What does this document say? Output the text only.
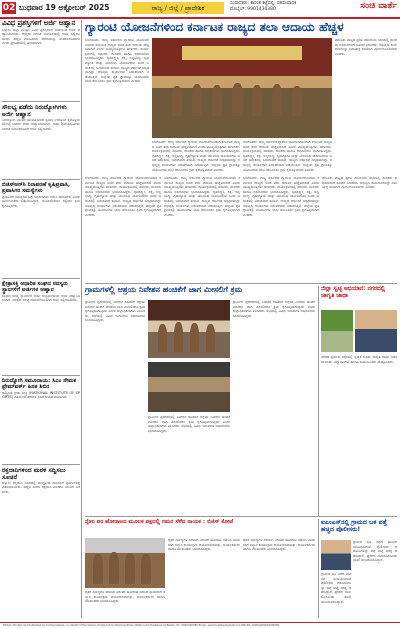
02 ಬುಧವಾರ 19 ಅಕ್ಟೋಬರ್ 2025	ರಾಜ್ಯ / ಜಿಲ್ಲೆ / ಪ್ರಾದೇಶಿಕ
ಸಂಪಾದಕರು: ಕಾರಂತ ಕಟ್ಟೆಪಲ್ಲಿ, ಸಹಸಂಪಾದಕ
ಮೊಬೈಲ್: 9901430380	ಸಂಚಿ ವಾರ್ತೆ
ವಿವಿಧ ಪ್ರಶಸ್ತಿಗಳಿಗೆ ಅರ್ಜಿ ಆಹ್ವಾನ
ಬಳ್ಳಾರಿ: ಜಿಲ್ಲಾ ಮಟ್ಟದ ವಿವಿಧ ಪ್ರಶಸ್ತಿಗಳಿಗೆ ಅರ್ಹರಿಂದ ಅರ್ಜಿ ಆಹ್ವಾನಿಸಲಾಗಿದೆ. ಆಸಕ್ತರು ನಿಗದಿತ ನಮೂನೆಯಲ್ಲಿ ಅರ್ಜಿ ಸಲ್ಲಿಸಬಹುದು. ಹೆಚ್ಚಿನ ಮಾಹಿತಿಗಾಗಿ ಕಚೇರಿಯನ್ನು ಸಂಪರ್ಕಿಸಬಹುದು ಎಂದು ಪ್ರಕಟಣೆಯಲ್ಲಿ ತಿಳಿಸಲಾಗಿದೆ.
ಸೌಲಭ್ಯ ಪಡೆದು ನಿರುದ್ಯೋಗಿಗಳು ಅರ್ಜಿ ಆಹ್ವಾನ
ನಿರುದ್ಯೋಗಿ ಯುವಕ ಯುವತಿಯರಿಗೆ ಸ್ವಯಂ ಉದ್ಯೋಗ ಕೈಗೊಳ್ಳಲು ಸೌಲಭ್ಯ ನೀಡಲು ಅರ್ಜಿ ಆಹ್ವಾನಿಸಲಾಗಿದೆ. ಅರ್ಹ ಫಲಾನುಭವಿಗಳು ನಿಗದಿತ ದಿನಾಂಕದೊಳಗೆ ಅರ್ಜಿ ಸಲ್ಲಿಸಬೇಕು.
ಬಿಜಿಸ್ಆರ್‌ಸಿ ನಿರಾಪರಣೆ ಕೃಷಿಪ್ರವಾಸಿ, ಪ್ರವಾಸಿಗರ ಸಮಸ್ಯೆಗಳು
ಪ್ರವಾಸಿಗರ ಸಮಸ್ಯೆಗಳ ಬಗ್ಗೆ ಅಧಿಕಾರಿಗಳು ಗಮನ ಹರಿಸಬೇಕು ಎಂದು ಸಾರ್ವಜನಿಕರು ಒತ್ತಾಯಿಸಿದ್ದಾರೆ. ಮೂಲಸೌಕರ್ಯ ಕಲ್ಪಿಸಲು ಕ್ರಮ ಕೈಗೊಳ್ಳಬೇಕು.
ಕ್ಷೇತ್ರಾಸಕ್ತಿ ಆಧಾರಿತ ಸಂಘದ ಸದಸ್ಯರು ಸ್ಥಾನಗಳಿಗೆ ಅರ್ಜಿಗಳ ಆಹ್ವಾನ
ಸಂಘದ ಸದಸ್ಯ ಸ್ಥಾನಗಳಿಗೆ ಅರ್ಹ ಅಭ್ಯರ್ಥಿಗಳಿಂದ ಅರ್ಜಿ ಆಹ್ವಾನಿಸಲಾಗಿದೆ. ಆಸಕ್ತರು ಅಗತ್ಯ ದಾಖಲೆಗಳೊಂದಿಗೆ ಅರ್ಜಿ ಸಲ್ಲಿಸಬಹುದು.
ನಿರುದ್ಯೋಗಿ ಸಮೂದಾಯ: ಸಿಎಂ ನೇಮಕ ಫ್ರೇಮ್‌ವರ್ಕ್ ಹಿನತ ಶಿಬಿರ
ರಾಷ್ಟ್ರೀಯ ಕ್ರೀಡಾ ಸಂಸ್ಥೆ (NATIONAL INSTITUTE OF SPORTS) ವತಿಯಿಂದ ತರಬೇತಿ ಶಿಬಿರ ಆಯೋಜಿಸಲಾಗಿದೆ.
ರಕ್ತದಾನಿಗಳಿಂದ ಮರಳಿ ಸದ್ದಿಸಲು ಸೂಚನೆ
ಬಳ್ಳಾರಿ: ರಕ್ತದಾನ ಶಿಬಿರದಲ್ಲಿ ಪಾಲ್ಗೊಂಡ ದಾನಿಗಳಿಗೆ ಪ್ರಮಾಣಪತ್ರ ವಿತರಿಸಲಾಯಿತು. ಹೆಚ್ಚಿನ ಜನರು ರಕ್ತದಾನ ಮಾಡಲು ಮುಂದೆ ಬರಬೇಕು.
ಗ್ಯಾರಂಟಿ ಯೋಜನೆಗಳಿಂದ ಕರ್ನಾಟಕ ರಾಜ್ಯದ ತಲಾ ಆದಾಯ ಹೆಚ್ಚಳ
ಬೆಂಗಳೂರು: ರಾಜ್ಯ ಸರ್ಕಾರದ ಗ್ಯಾರಂಟಿ ಯೋಜನೆಗಳಿಂದಾಗಿ ಕರ್ನಾಟಕ ರಾಜ್ಯದ ಜನರ ತಲಾ ಆದಾಯ ಹೆಚ್ಚಳವಾಗಿದೆ ಎಂದು ಮುಖ್ಯಮಂತ್ರಿಗಳು ಹೇಳಿದರು. ಕಾರ್ಯಕ್ರಮದಲ್ಲಿ ಸಚಿವರು, ಶಾಸಕರು ಹಾಗೂ ಅಧಿಕಾರಿಗಳು ಭಾಗವಹಿಸಿದ್ದರು. ಗೃಹಲಕ್ಷ್ಮೀ, ಶಕ್ತಿ, ಅನ್ನಭಾಗ್ಯ, ಗೃಹಜ್ಯೋತಿ ಮತ್ತು ಯುವನಿಧಿ ಯೋಜನೆಗಳು ಜನರ ಬದುಕಿನಲ್ಲಿ ಬದಲಾವಣೆ ತಂದಿವೆ. ರಾಜ್ಯದ ಆರ್ಥಿಕತೆ ಸದೃಢವಾಗಿದ್ದು ಅಭಿವೃದ್ಧಿ ಕಾರ್ಯಗಳು ನಿರಂತರವಾಗಿ ನಡೆಯುತ್ತಿವೆ. ಜಿಲ್ಲೆಯ ಪ್ರತಿ ಗ್ರಾಮಕ್ಕೂ ಯೋಜನೆಗಳ ಲಾಭ ತಲುಪಿಸಲು ಕ್ರಮ ಕೈಗೊಳ್ಳಲಾಗಿದೆ ಎಂದರು.
ತಾಲೂಕು ಮಟ್ಟದ ಪ್ರಗತಿ ಪರಿಶೀಲನಾ ಸಭೆಯಲ್ಲಿ ಶಾಸಕರು ಅಧಿಕಾರಿಗಳಿಗೆ ಸೂಚನೆ ನೀಡಿದರು. ಅಭಿವೃದ್ಧಿ ಕಾಮಗಾರಿಗಳನ್ನು ಸಮಯಕ್ಕೆ ಸರಿಯಾಗಿ ಪೂರ್ಣಗೊಳಿಸಬೇಕು ಎಂದರು.
ಬೆಂಗಳೂರು: ರಾಜ್ಯ ಸರ್ಕಾರದ ಗ್ಯಾರಂಟಿ ಯೋಜನೆಗಳಿಂದಾಗಿ ಕರ್ನಾಟಕ ರಾಜ್ಯದ ಜನರ ತಲಾ ಆದಾಯ ಹೆಚ್ಚಳವಾಗಿದೆ ಎಂದು ಮುಖ್ಯಮಂತ್ರಿಗಳು ಹೇಳಿದರು. ಕಾರ್ಯಕ್ರಮದಲ್ಲಿ ಸಚಿವರು, ಶಾಸಕರು ಹಾಗೂ ಅಧಿಕಾರಿಗಳು ಭಾಗವಹಿಸಿದ್ದರು. ಗೃಹಲಕ್ಷ್ಮೀ, ಶಕ್ತಿ, ಅನ್ನಭಾಗ್ಯ, ಗೃಹಜ್ಯೋತಿ ಮತ್ತು ಯುವನಿಧಿ ಯೋಜನೆಗಳು ಜನರ ಬದುಕಿನಲ್ಲಿ ಬದಲಾವಣೆ ತಂದಿವೆ. ರಾಜ್ಯದ ಆರ್ಥಿಕತೆ ಸದೃಢವಾಗಿದ್ದು ಅಭಿವೃದ್ಧಿ ಕಾರ್ಯಗಳು ನಿರಂತರವಾಗಿ ನಡೆಯುತ್ತಿವೆ. ಜಿಲ್ಲೆಯ ಪ್ರತಿ ಗ್ರಾಮಕ್ಕೂ ಯೋಜನೆಗಳ ಲಾಭ ತಲುಪಿಸಲು ಕ್ರಮ ಕೈಗೊಳ್ಳಲಾಗಿದೆ ಎಂದರು.
ಬೆಂಗಳೂರು: ರಾಜ್ಯ ಸರ್ಕಾರದ ಗ್ಯಾರಂಟಿ ಯೋಜನೆಗಳಿಂದಾಗಿ ಕರ್ನಾಟಕ ರಾಜ್ಯದ ಜನರ ತಲಾ ಆದಾಯ ಹೆಚ್ಚಳವಾಗಿದೆ ಎಂದು ಮುಖ್ಯಮಂತ್ರಿಗಳು ಹೇಳಿದರು. ಕಾರ್ಯಕ್ರಮದಲ್ಲಿ ಸಚಿವರು, ಶಾಸಕರು ಹಾಗೂ ಅಧಿಕಾರಿಗಳು ಭಾಗವಹಿಸಿದ್ದರು. ಗೃಹಲಕ್ಷ್ಮೀ, ಶಕ್ತಿ, ಅನ್ನಭಾಗ್ಯ, ಗೃಹಜ್ಯೋತಿ ಮತ್ತು ಯುವನಿಧಿ ಯೋಜನೆಗಳು ಜನರ ಬದುಕಿನಲ್ಲಿ ಬದಲಾವಣೆ ತಂದಿವೆ. ರಾಜ್ಯದ ಆರ್ಥಿಕತೆ ಸದೃಢವಾಗಿದ್ದು ಅಭಿವೃದ್ಧಿ ಕಾರ್ಯಗಳು ನಿರಂತರವಾಗಿ ನಡೆಯುತ್ತಿವೆ. ಜಿಲ್ಲೆಯ ಪ್ರತಿ ಗ್ರಾಮಕ್ಕೂ ಯೋಜನೆಗಳ ಲಾಭ ತಲುಪಿಸಲು ಕ್ರಮ ಕೈಗೊಳ್ಳಲಾಗಿದೆ ಎಂದರು.
ಬೆಂಗಳೂರು: ರಾಜ್ಯ ಸರ್ಕಾರದ ಗ್ಯಾರಂಟಿ ಯೋಜನೆಗಳಿಂದಾಗಿ ಕರ್ನಾಟಕ ರಾಜ್ಯದ ಜನರ ತಲಾ ಆದಾಯ ಹೆಚ್ಚಳವಾಗಿದೆ ಎಂದು ಮುಖ್ಯಮಂತ್ರಿಗಳು ಹೇಳಿದರು. ಕಾರ್ಯಕ್ರಮದಲ್ಲಿ ಸಚಿವರು, ಶಾಸಕರು ಹಾಗೂ ಅಧಿಕಾರಿಗಳು ಭಾಗವಹಿಸಿದ್ದರು. ಗೃಹಲಕ್ಷ್ಮೀ, ಶಕ್ತಿ, ಅನ್ನಭಾಗ್ಯ, ಗೃಹಜ್ಯೋತಿ ಮತ್ತು ಯುವನಿಧಿ ಯೋಜನೆಗಳು ಜನರ ಬದುಕಿನಲ್ಲಿ ಬದಲಾವಣೆ ತಂದಿವೆ. ರಾಜ್ಯದ ಆರ್ಥಿಕತೆ ಸದೃಢವಾಗಿದ್ದು ಅಭಿವೃದ್ಧಿ ಕಾರ್ಯಗಳು ನಿರಂತರವಾಗಿ ನಡೆಯುತ್ತಿವೆ. ಜಿಲ್ಲೆಯ ಪ್ರತಿ ಗ್ರಾಮಕ್ಕೂ ಯೋಜನೆಗಳ ಲಾಭ ತಲುಪಿಸಲು ಕ್ರಮ ಕೈಗೊಳ್ಳಲಾಗಿದೆ ಎಂದರು.
ಬೆಂಗಳೂರು: ರಾಜ್ಯ ಸರ್ಕಾರದ ಗ್ಯಾರಂಟಿ ಯೋಜನೆಗಳಿಂದಾಗಿ ಕರ್ನಾಟಕ ರಾಜ್ಯದ ಜನರ ತಲಾ ಆದಾಯ ಹೆಚ್ಚಳವಾಗಿದೆ ಎಂದು ಮುಖ್ಯಮಂತ್ರಿಗಳು ಹೇಳಿದರು. ಕಾರ್ಯಕ್ರಮದಲ್ಲಿ ಸಚಿವರು, ಶಾಸಕರು ಹಾಗೂ ಅಧಿಕಾರಿಗಳು ಭಾಗವಹಿಸಿದ್ದರು. ಗೃಹಲಕ್ಷ್ಮೀ, ಶಕ್ತಿ, ಅನ್ನಭಾಗ್ಯ, ಗೃಹಜ್ಯೋತಿ ಮತ್ತು ಯುವನಿಧಿ ಯೋಜನೆಗಳು ಜನರ ಬದುಕಿನಲ್ಲಿ ಬದಲಾವಣೆ ತಂದಿವೆ. ರಾಜ್ಯದ ಆರ್ಥಿಕತೆ ಸದೃಢವಾಗಿದ್ದು ಅಭಿವೃದ್ಧಿ ಕಾರ್ಯಗಳು ನಿರಂತರವಾಗಿ ನಡೆಯುತ್ತಿವೆ. ಜಿಲ್ಲೆಯ ಪ್ರತಿ ಗ್ರಾಮಕ್ಕೂ ಯೋಜನೆಗಳ ಲಾಭ ತಲುಪಿಸಲು ಕ್ರಮ ಕೈಗೊಳ್ಳಲಾಗಿದೆ ಎಂದರು.
ಬೆಂಗಳೂರು: ರಾಜ್ಯ ಸರ್ಕಾರದ ಗ್ಯಾರಂಟಿ ಯೋಜನೆಗಳಿಂದಾಗಿ ಕರ್ನಾಟಕ ರಾಜ್ಯದ ಜನರ ತಲಾ ಆದಾಯ ಹೆಚ್ಚಳವಾಗಿದೆ ಎಂದು ಮುಖ್ಯಮಂತ್ರಿಗಳು ಹೇಳಿದರು. ಕಾರ್ಯಕ್ರಮದಲ್ಲಿ ಸಚಿವರು, ಶಾಸಕರು ಹಾಗೂ ಅಧಿಕಾರಿಗಳು ಭಾಗವಹಿಸಿದ್ದರು. ಗೃಹಲಕ್ಷ್ಮೀ, ಶಕ್ತಿ, ಅನ್ನಭಾಗ್ಯ, ಗೃಹಜ್ಯೋತಿ ಮತ್ತು ಯುವನಿಧಿ ಯೋಜನೆಗಳು ಜನರ ಬದುಕಿನಲ್ಲಿ ಬದಲಾವಣೆ ತಂದಿವೆ. ರಾಜ್ಯದ ಆರ್ಥಿಕತೆ ಸದೃಢವಾಗಿದ್ದು ಅಭಿವೃದ್ಧಿ ಕಾರ್ಯಗಳು ನಿರಂತರವಾಗಿ ನಡೆಯುತ್ತಿವೆ. ಜಿಲ್ಲೆಯ ಪ್ರತಿ ಗ್ರಾಮಕ್ಕೂ ಯೋಜನೆಗಳ ಲಾಭ ತಲುಪಿಸಲು ಕ್ರಮ ಕೈಗೊಳ್ಳಲಾಗಿದೆ ಎಂದರು.
ತಾಲೂಕು ಮಟ್ಟದ ಪ್ರಗತಿ ಪರಿಶೀಲನಾ ಸಭೆಯಲ್ಲಿ ಶಾಸಕರು ಅಧಿಕಾರಿಗಳಿಗೆ ಸೂಚನೆ ನೀಡಿದರು. ಅಭಿವೃದ್ಧಿ ಕಾಮಗಾರಿಗಳನ್ನು ಸಮಯಕ್ಕೆ ಸರಿಯಾಗಿ ಪೂರ್ಣಗೊಳಿಸಬೇಕು ಎಂದರು.
ಗ್ರಾಮಗಳಲ್ಲಿ ಆಶ್ರಯ ನಿವೇಶನ ಹಂಚಿಕೆಗೆ ಜಾಗ ಮೀಸಲಿಗೆ ಕ್ರಮ
ಗ್ರಾಮೀಣ ಪ್ರದೇಶಗಳಲ್ಲಿ ನಿವೇಶನ ರಹಿತರಿಗೆ ಆಶ್ರಯ ನಿವೇಶನ ಹಂಚಿಕೆ ಮಾಡಲು ಜಾಗ ಮೀಸಲಿಡಲು ಕ್ರಮ ಕೈಗೊಳ್ಳಲಾಗುವುದು ಎಂದು ಜಿಲ್ಲಾಧಿಕಾರಿಗಳು ತಿಳಿಸಿದರು. ಸಭೆಯಲ್ಲಿ ವಿವಿಧ ಇಲಾಖೆಗಳ ಅಧಿಕಾರಿಗಳು ಭಾಗವಹಿಸಿದ್ದರು.
ಗ್ರಾಮೀಣ ಪ್ರದೇಶಗಳಲ್ಲಿ ನಿವೇಶನ ರಹಿತರಿಗೆ ಆಶ್ರಯ ನಿವೇಶನ ಹಂಚಿಕೆ ಮಾಡಲು ಜಾಗ ಮೀಸಲಿಡಲು ಕ್ರಮ ಕೈಗೊಳ್ಳಲಾಗುವುದು ಎಂದು ಜಿಲ್ಲಾಧಿಕಾರಿಗಳು ತಿಳಿಸಿದರು. ಸಭೆಯಲ್ಲಿ ವಿವಿಧ ಇಲಾಖೆಗಳ ಅಧಿಕಾರಿಗಳು ಭಾಗವಹಿಸಿದ್ದರು.
ಗ್ರಾಮೀಣ ಪ್ರದೇಶಗಳಲ್ಲಿ ನಿವೇಶನ ರಹಿತರಿಗೆ ಆಶ್ರಯ ನಿವೇಶನ ಹಂಚಿಕೆ ಮಾಡಲು ಜಾಗ ಮೀಸಲಿಡಲು ಕ್ರಮ ಕೈಗೊಳ್ಳಲಾಗುವುದು ಎಂದು ಜಿಲ್ಲಾಧಿಕಾರಿಗಳು ತಿಳಿಸಿದರು. ಸಭೆಯಲ್ಲಿ ವಿವಿಧ ಇಲಾಖೆಗಳ ಅಧಿಕಾರಿಗಳು ಭಾಗವಹಿಸಿದ್ದರು.
ಜಿಲ್ಲಾ ಸ್ವಚ್ಛ ಅಭಿಯಾನ: ನಗರದಲ್ಲಿ ಜಾಗೃತಿ ಜಾಥಾ
ನಗರದ ಪ್ರಮುಖ ರಸ್ತೆಗಳಲ್ಲಿ ಸ್ವಚ್ಛತೆ ಕುರಿತು ಜಾಗೃತಿ ಜಾಥಾ ನಡೆಸಲಾಯಿತು. ವಿದ್ಯಾರ್ಥಿಗಳು ಹಾಗೂ ಸಾರ್ವಜನಿಕರು ಪಾಲ್ಗೊಂಡರು.
ರೈತರ ಪರ ಹೋರಾಟದ ಮೂಲಕ ಪಕ್ಷದಲ್ಲಿ ಗಮನ ಸೆಳೆದ ನಾಯಕ : ಬಿಜಿಸ್‌ ಕೋಟೆ
ರೈತರ ಸಮಸ್ಯೆಗಳ ಪರವಾಗಿ ನಿರಂತರ ಹೋರಾಟ ನಡೆಸಿದ ನಾಯಕರಿಗೆ ಸನ್ಮಾನ ಕಾರ್ಯಕ್ರಮ ಆಯೋಜಿಸಲಾಗಿತ್ತು. ಕಾರ್ಯಕರ್ತರು ಹಾಗೂ ಮುಖಂಡರು ಭಾಗವಹಿಸಿದ್ದರು.
ರೈತರ ಸಮಸ್ಯೆಗಳ ಪರವಾಗಿ ನಿರಂತರ ಹೋರಾಟ ನಡೆಸಿದ ನಾಯಕರಿಗೆ ಸನ್ಮಾನ ಕಾರ್ಯಕ್ರಮ ಆಯೋಜಿಸಲಾಗಿತ್ತು. ಕಾರ್ಯಕರ್ತರು ಹಾಗೂ ಮುಖಂಡರು ಭಾಗವಹಿಸಿದ್ದರು.
ರೈತರ ಸಮಸ್ಯೆಗಳ ಪರವಾಗಿ ನಿರಂತರ ಹೋರಾಟ ನಡೆಸಿದ ನಾಯಕರಿಗೆ ಸನ್ಮಾನ ಕಾರ್ಯಕ್ರಮ ಆಯೋಜಿಸಲಾಗಿತ್ತು. ಕಾರ್ಯಕರ್ತರು ಹಾಗೂ ಮುಖಂಡರು ಭಾಗವಹಿಸಿದ್ದರು.
ಐಎಂಎಸ್‌ನಲ್ಲಿ ಗ್ರಾಮದ ಬಳಿ ಪತ್ತೆ ಹಚ್ಚಿದ ಪೊಲೀಸರು!
ಗ್ರಾಮದ ಬಳಿ ನಡೆದ ಘಟನೆಗೆ ಸಂಬಂಧಿಸಿದಂತೆ ಪೊಲೀಸರು ಆರೋಪಿಗಳನ್ನು ಪತ್ತೆ ಹಚ್ಚಿ ವಶಕ್ಕೆ ಪಡೆದಿದ್ದಾರೆ. ಪ್ರಕರಣ ದಾಖಲಿಸಿಕೊಂಡು ತನಿಖೆ ಮುಂದುವರಿಸಿದ್ದಾರೆ.
ಗ್ರಾಮದ ಬಳಿ ನಡೆದ ಘಟನೆಗೆ ಸಂಬಂಧಿಸಿದಂತೆ ಪೊಲೀಸರು ಆರೋಪಿಗಳನ್ನು ಪತ್ತೆ ಹಚ್ಚಿ ವಶಕ್ಕೆ ಪಡೆದಿದ್ದಾರೆ. ಪ್ರಕರಣ ದಾಖಲಿಸಿಕೊಂಡು ತನಿಖೆ ಮುಂದುವರಿಸಿದ್ದಾರೆ.
Edited, Printed and Published by K.Chandrappa, on behalf of the Owner, Printed at Sri Ramana Press, Ballari and Published at Ballari. Ph: 9901430380 Email: sanchivarthe@gmail.com RNI No: KARKAN/2019/00000
